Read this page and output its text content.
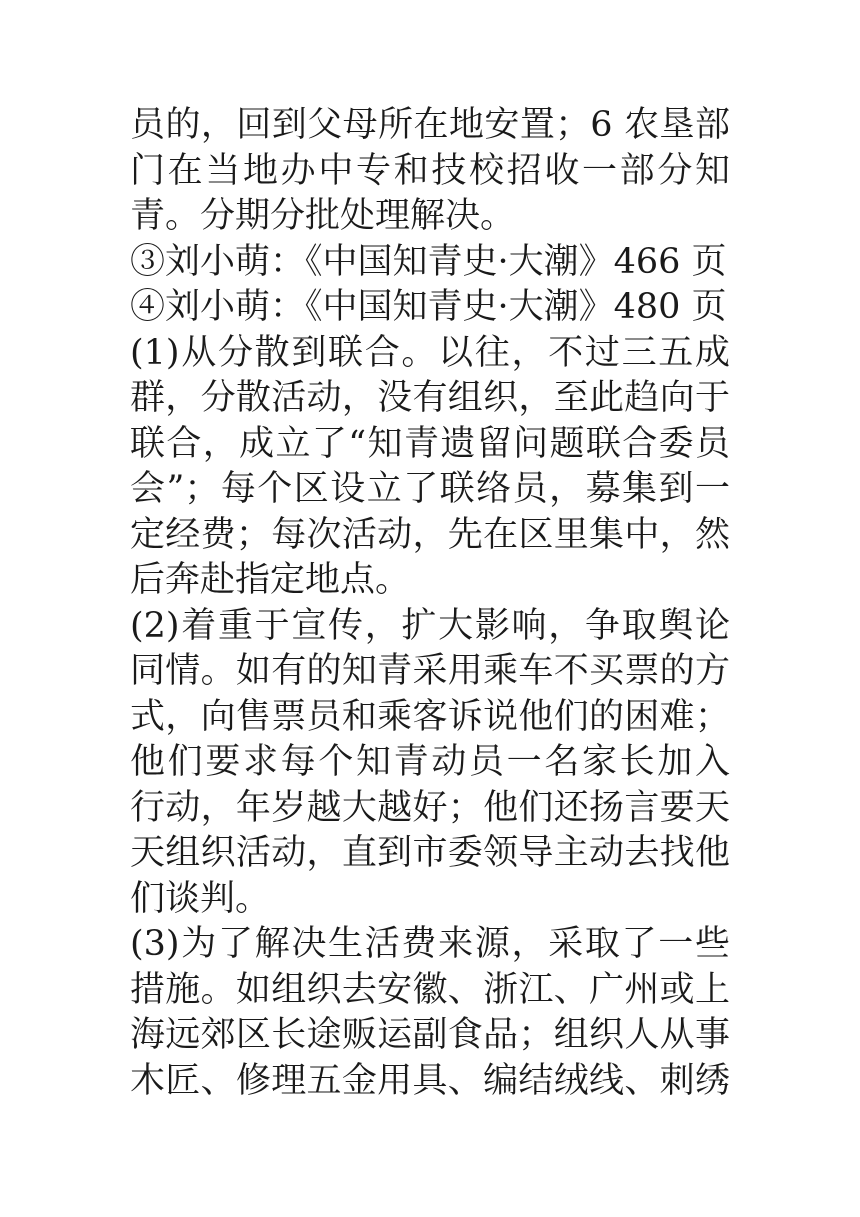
员的，回到父母所在地安置；6 农垦部
门在当地办中专和技校招收一部分知
青。分期分批处理解决。
③刘小萌：《中国知青史·大潮》466 页
④刘小萌：《中国知青史·大潮》480 页
(1)从分散到联合。以往，不过三五成
群，分散活动，没有组织，至此趋向于
联合，成立了“知青遗留问题联合委员
会”；每个区设立了联络员，募集到一
定经费；每次活动，先在区里集中，然
后奔赴指定地点。
(2)着重于宣传，扩大影响，争取舆论
同情。如有的知青采用乘车不买票的方
式，向售票员和乘客诉说他们的困难；
他们要求每个知青动员一名家长加入
行动，年岁越大越好；他们还扬言要天
天组织活动，直到市委领导主动去找他
们谈判。
(3)为了解决生活费来源，采取了一些
措施。如组织去安徽、浙江、广州或上
海远郊区长途贩运副食品；组织人从事
木匠、修理五金用具、编结绒线、刺绣
